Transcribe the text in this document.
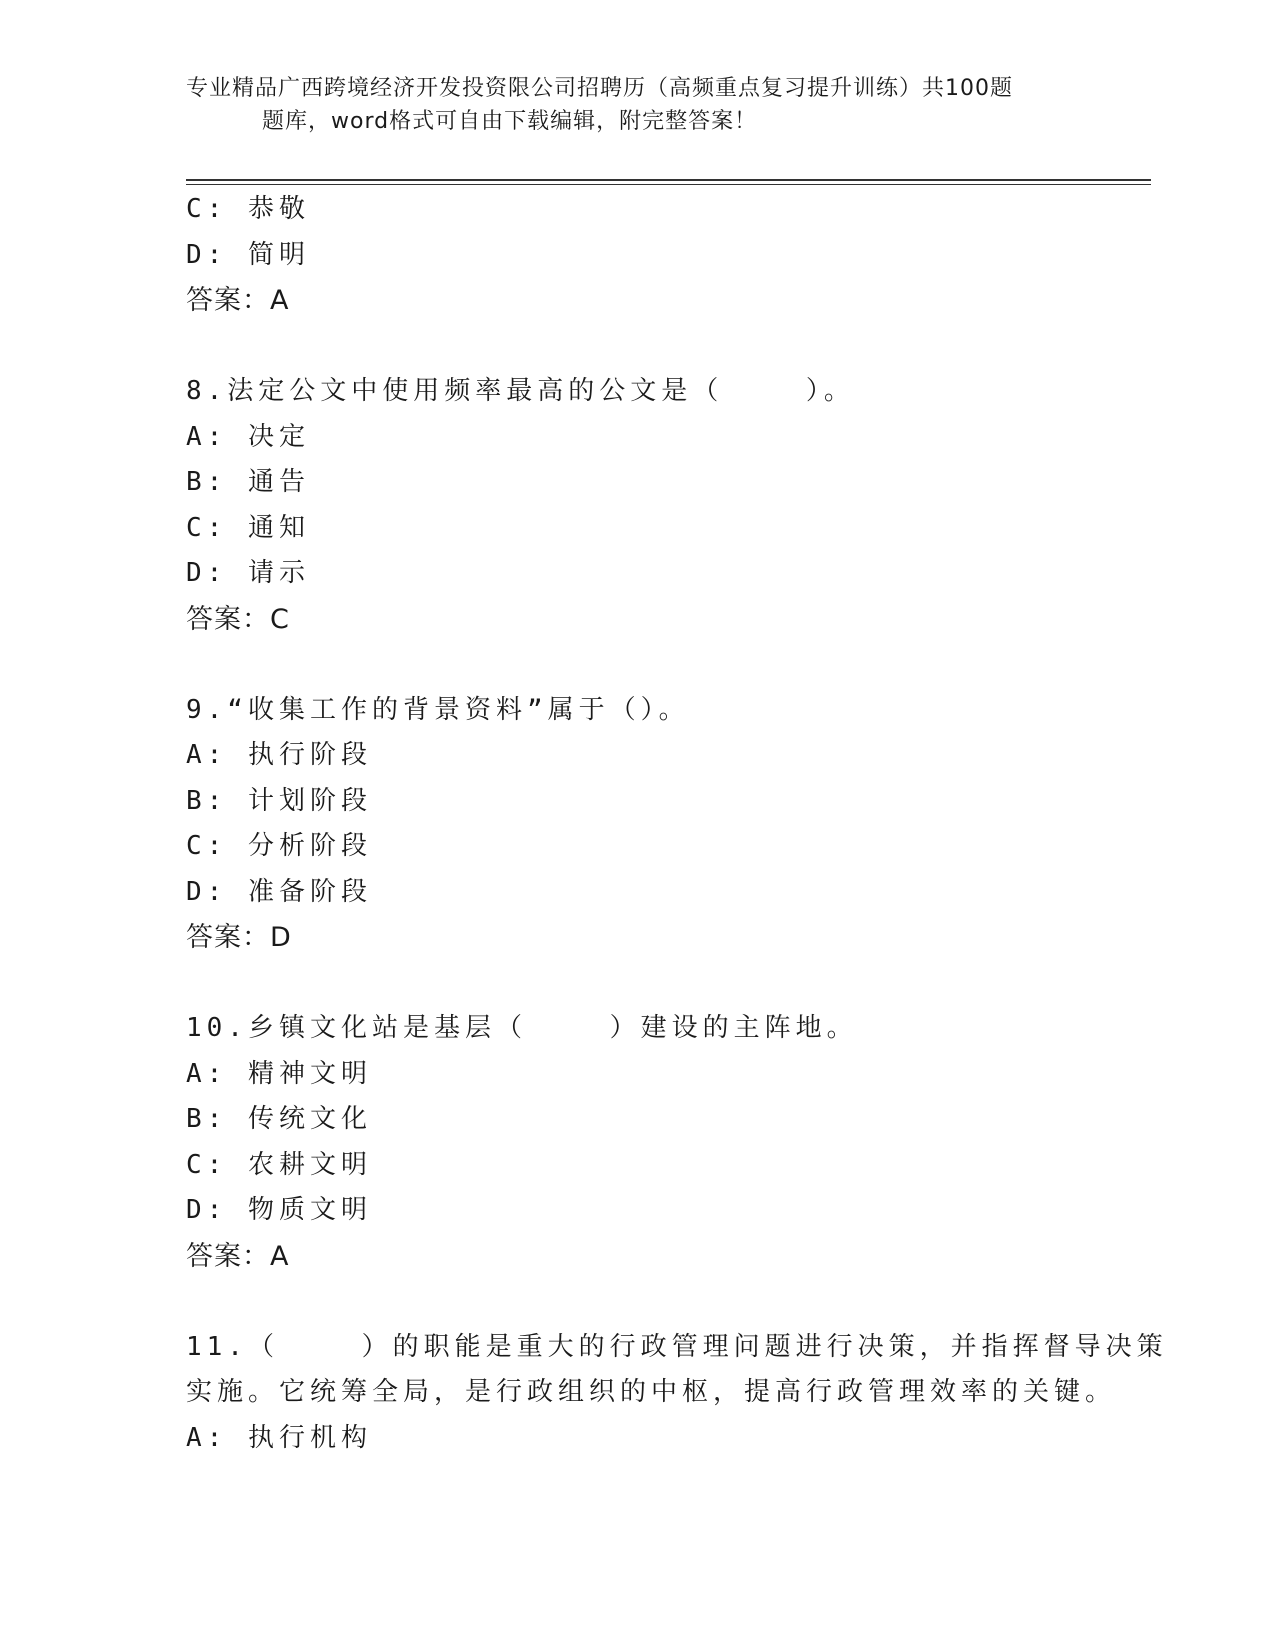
专业精品广西跨境经济开发投资限公司招聘历（高频重点复习提升训练）共100题
题库，word格式可自由下载编辑，附完整答案！
C: 恭敬
D: 简明
答案：A
8.法定公文中使用频率最高的公文是（    ）。
A: 决定
B: 通告
C: 通知
D: 请示
答案：C
9.“收集工作的背景资料”属于（）。
A: 执行阶段
B: 计划阶段
C: 分析阶段
D: 准备阶段
答案：D
10.乡镇文化站是基层（    ）建设的主阵地。
A: 精神文明
B: 传统文化
C: 农耕文明
D: 物质文明
答案：A
11.（    ）的职能是重大的行政管理问题进行决策，并指挥督导决策
实施。它统筹全局，是行政组织的中枢，提高行政管理效率的关键。
A: 执行机构
